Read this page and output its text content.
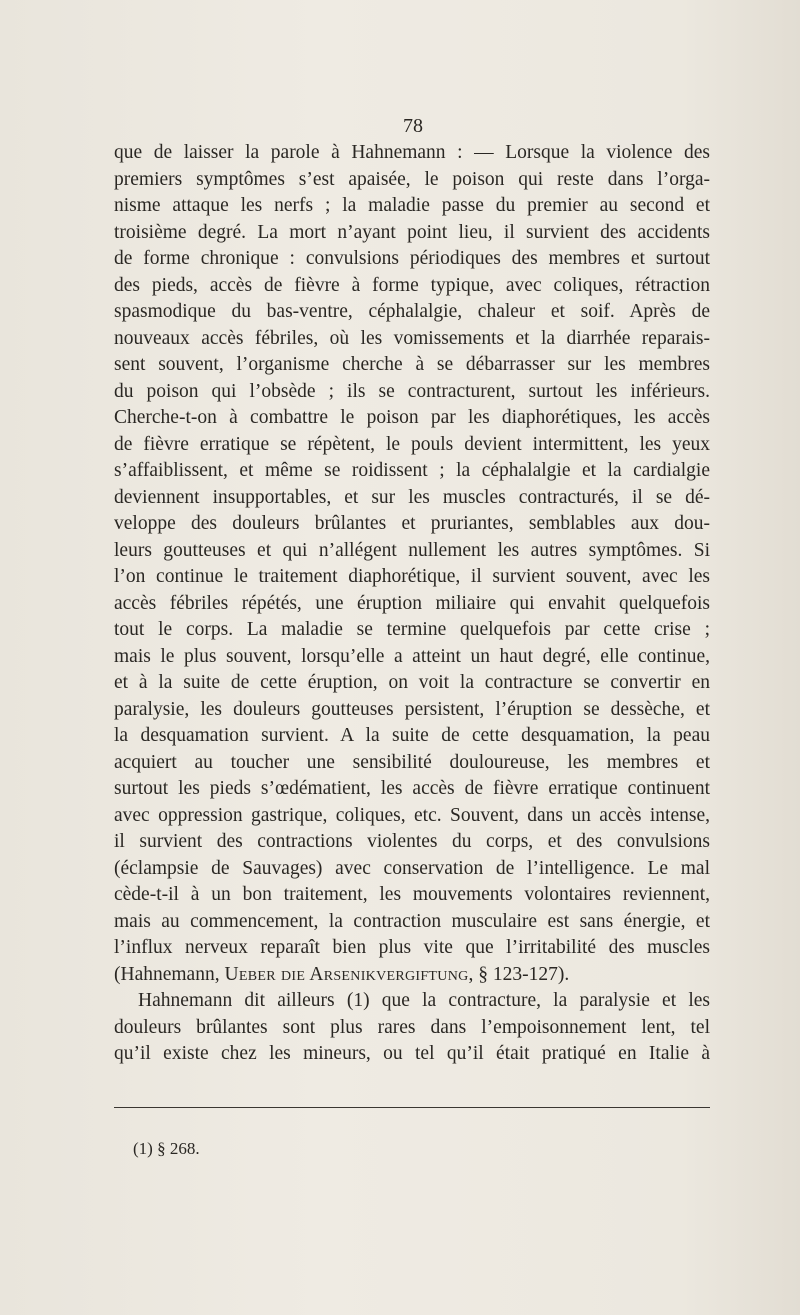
78
que de laisser la parole à Hahnemann : — Lorsque la violence des
premiers symptômes s’est apaisée, le poison qui reste dans l’orga-
nisme attaque les nerfs ; la maladie passe du premier au second et
troisième degré. La mort n’ayant point lieu, il survient des accidents
de forme chronique : convulsions périodiques des membres et surtout
des pieds, accès de fièvre à forme typique, avec coliques, rétraction
spasmodique du bas-ventre, céphalalgie, chaleur et soif. Après de
nouveaux accès fébriles, où les vomissements et la diarrhée reparais-
sent souvent, l’organisme cherche à se débarrasser sur les membres
du poison qui l’obsède ; ils se contracturent, surtout les inférieurs.
Cherche-t-on à combattre le poison par les diaphorétiques, les accès
de fièvre erratique se répètent, le pouls devient intermittent, les yeux
s’affaiblissent, et même se roidissent ; la céphalalgie et la cardialgie
deviennent insupportables, et sur les muscles contracturés, il se dé-
veloppe des douleurs brûlantes et pruriantes, semblables aux dou-
leurs goutteuses et qui n’allégent nullement les autres symptômes. Si
l’on continue le traitement diaphorétique, il survient souvent, avec les
accès fébriles répétés, une éruption miliaire qui envahit quelquefois
tout le corps. La maladie se termine quelquefois par cette crise ;
mais le plus souvent, lorsqu’elle a atteint un haut degré, elle continue,
et à la suite de cette éruption, on voit la contracture se convertir en
paralysie, les douleurs goutteuses persistent, l’éruption se dessèche, et
la desquamation survient. A la suite de cette desquamation, la peau
acquiert au toucher une sensibilité douloureuse, les membres et
surtout les pieds s’œdématient, les accès de fièvre erratique continuent
avec oppression gastrique, coliques, etc. Souvent, dans un accès intense,
il survient des contractions violentes du corps, et des convulsions
(éclampsie de Sauvages) avec conservation de l’intelligence. Le mal
cède-t-il à un bon traitement, les mouvements volontaires reviennent,
mais au commencement, la contraction musculaire est sans énergie, et
l’influx nerveux reparaît bien plus vite que l’irritabilité des muscles
(Hahnemann, Ueber die Arsenikvergiftung, § 123-127).
Hahnemann dit ailleurs (1) que la contracture, la paralysie et les
douleurs brûlantes sont plus rares dans l’empoisonnement lent, tel
qu’il existe chez les mineurs, ou tel qu’il était pratiqué en Italie à
(1) § 268.
